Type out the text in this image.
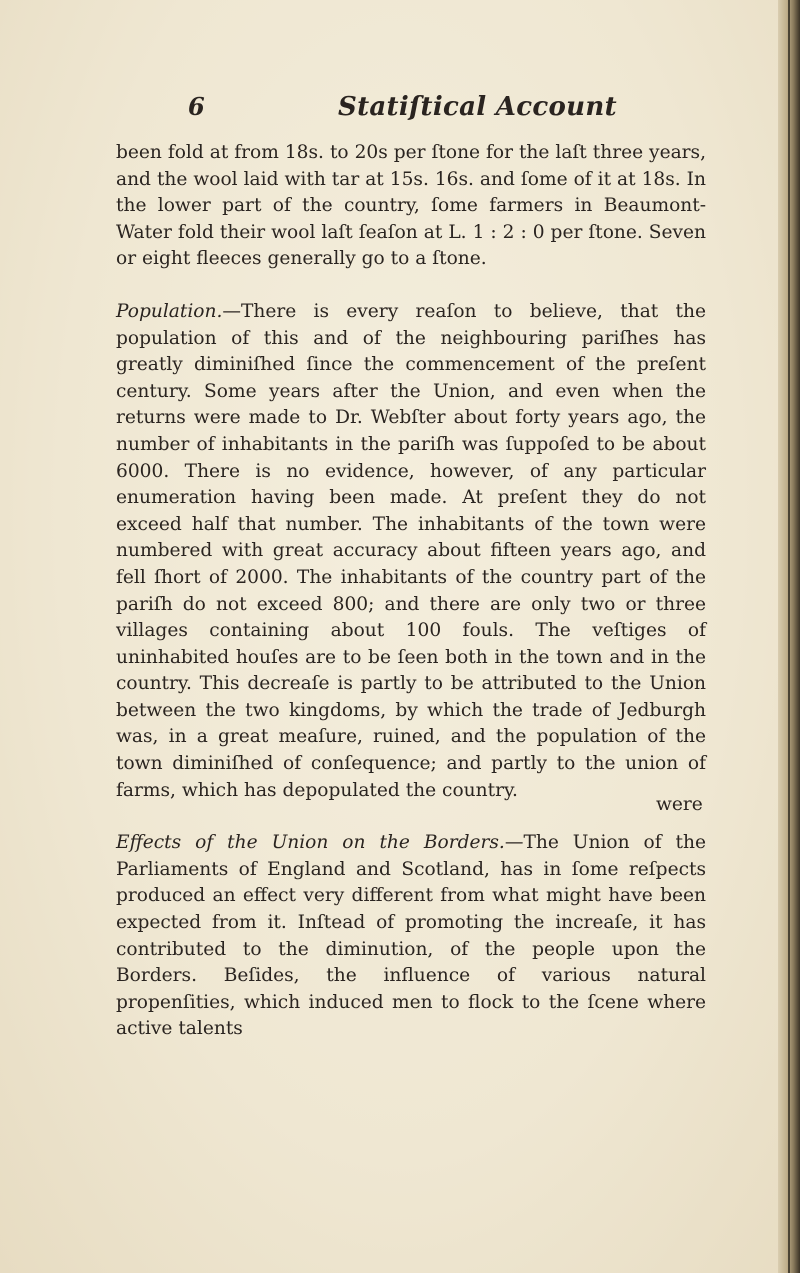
6	Statiſtical Account

been fold at from 18s. to 20s per ſtone for the laſt three years, and the wool laid with tar at 15s. 16s. and ſome of it at 18s. In the lower part of the country, ſome farmers in Beaumont-Water fold their wool laſt ſeaſon at L. 1 : 2 : 0 per ſtone. Seven or eight fleeces generally go to a ſtone.

Population.—There is every reaſon to believe, that the population of this and of the neighbouring pariſhes has greatly diminiſhed ſince the commencement of the preſent century. Some years after the Union, and even when the returns were made to Dr. Webſter about forty years ago, the number of inhabitants in the pariſh was ſuppoſed to be about 6000. There is no evidence, however, of any particular enumeration having been made. At preſent they do not exceed half that number. The inhabitants of the town were numbered with great accuracy about fifteen years ago, and fell ſhort of 2000. The inhabitants of the country part of the pariſh do not exceed 800; and there are only two or three villages containing about 100 fouls. The veſtiges of uninhabited houſes are to be ſeen both in the town and in the country. This decreaſe is partly to be attributed to the Union between the two kingdoms, by which the trade of Jedburgh was, in a great meaſure, ruined, and the population of the town diminiſhed of conſequence; and partly to the union of farms, which has depopulated the country.

Effects of the Union on the Borders.—The Union of the Parliaments of England and Scotland, has in ſome reſpects produced an effect very different from what might have been expected from it. Inſtead of promoting the increaſe, it has contributed to the diminution, of the people upon the Borders. Beſides, the influence of various natural propenſities, which induced men to flock to the ſcene where active talents

were
